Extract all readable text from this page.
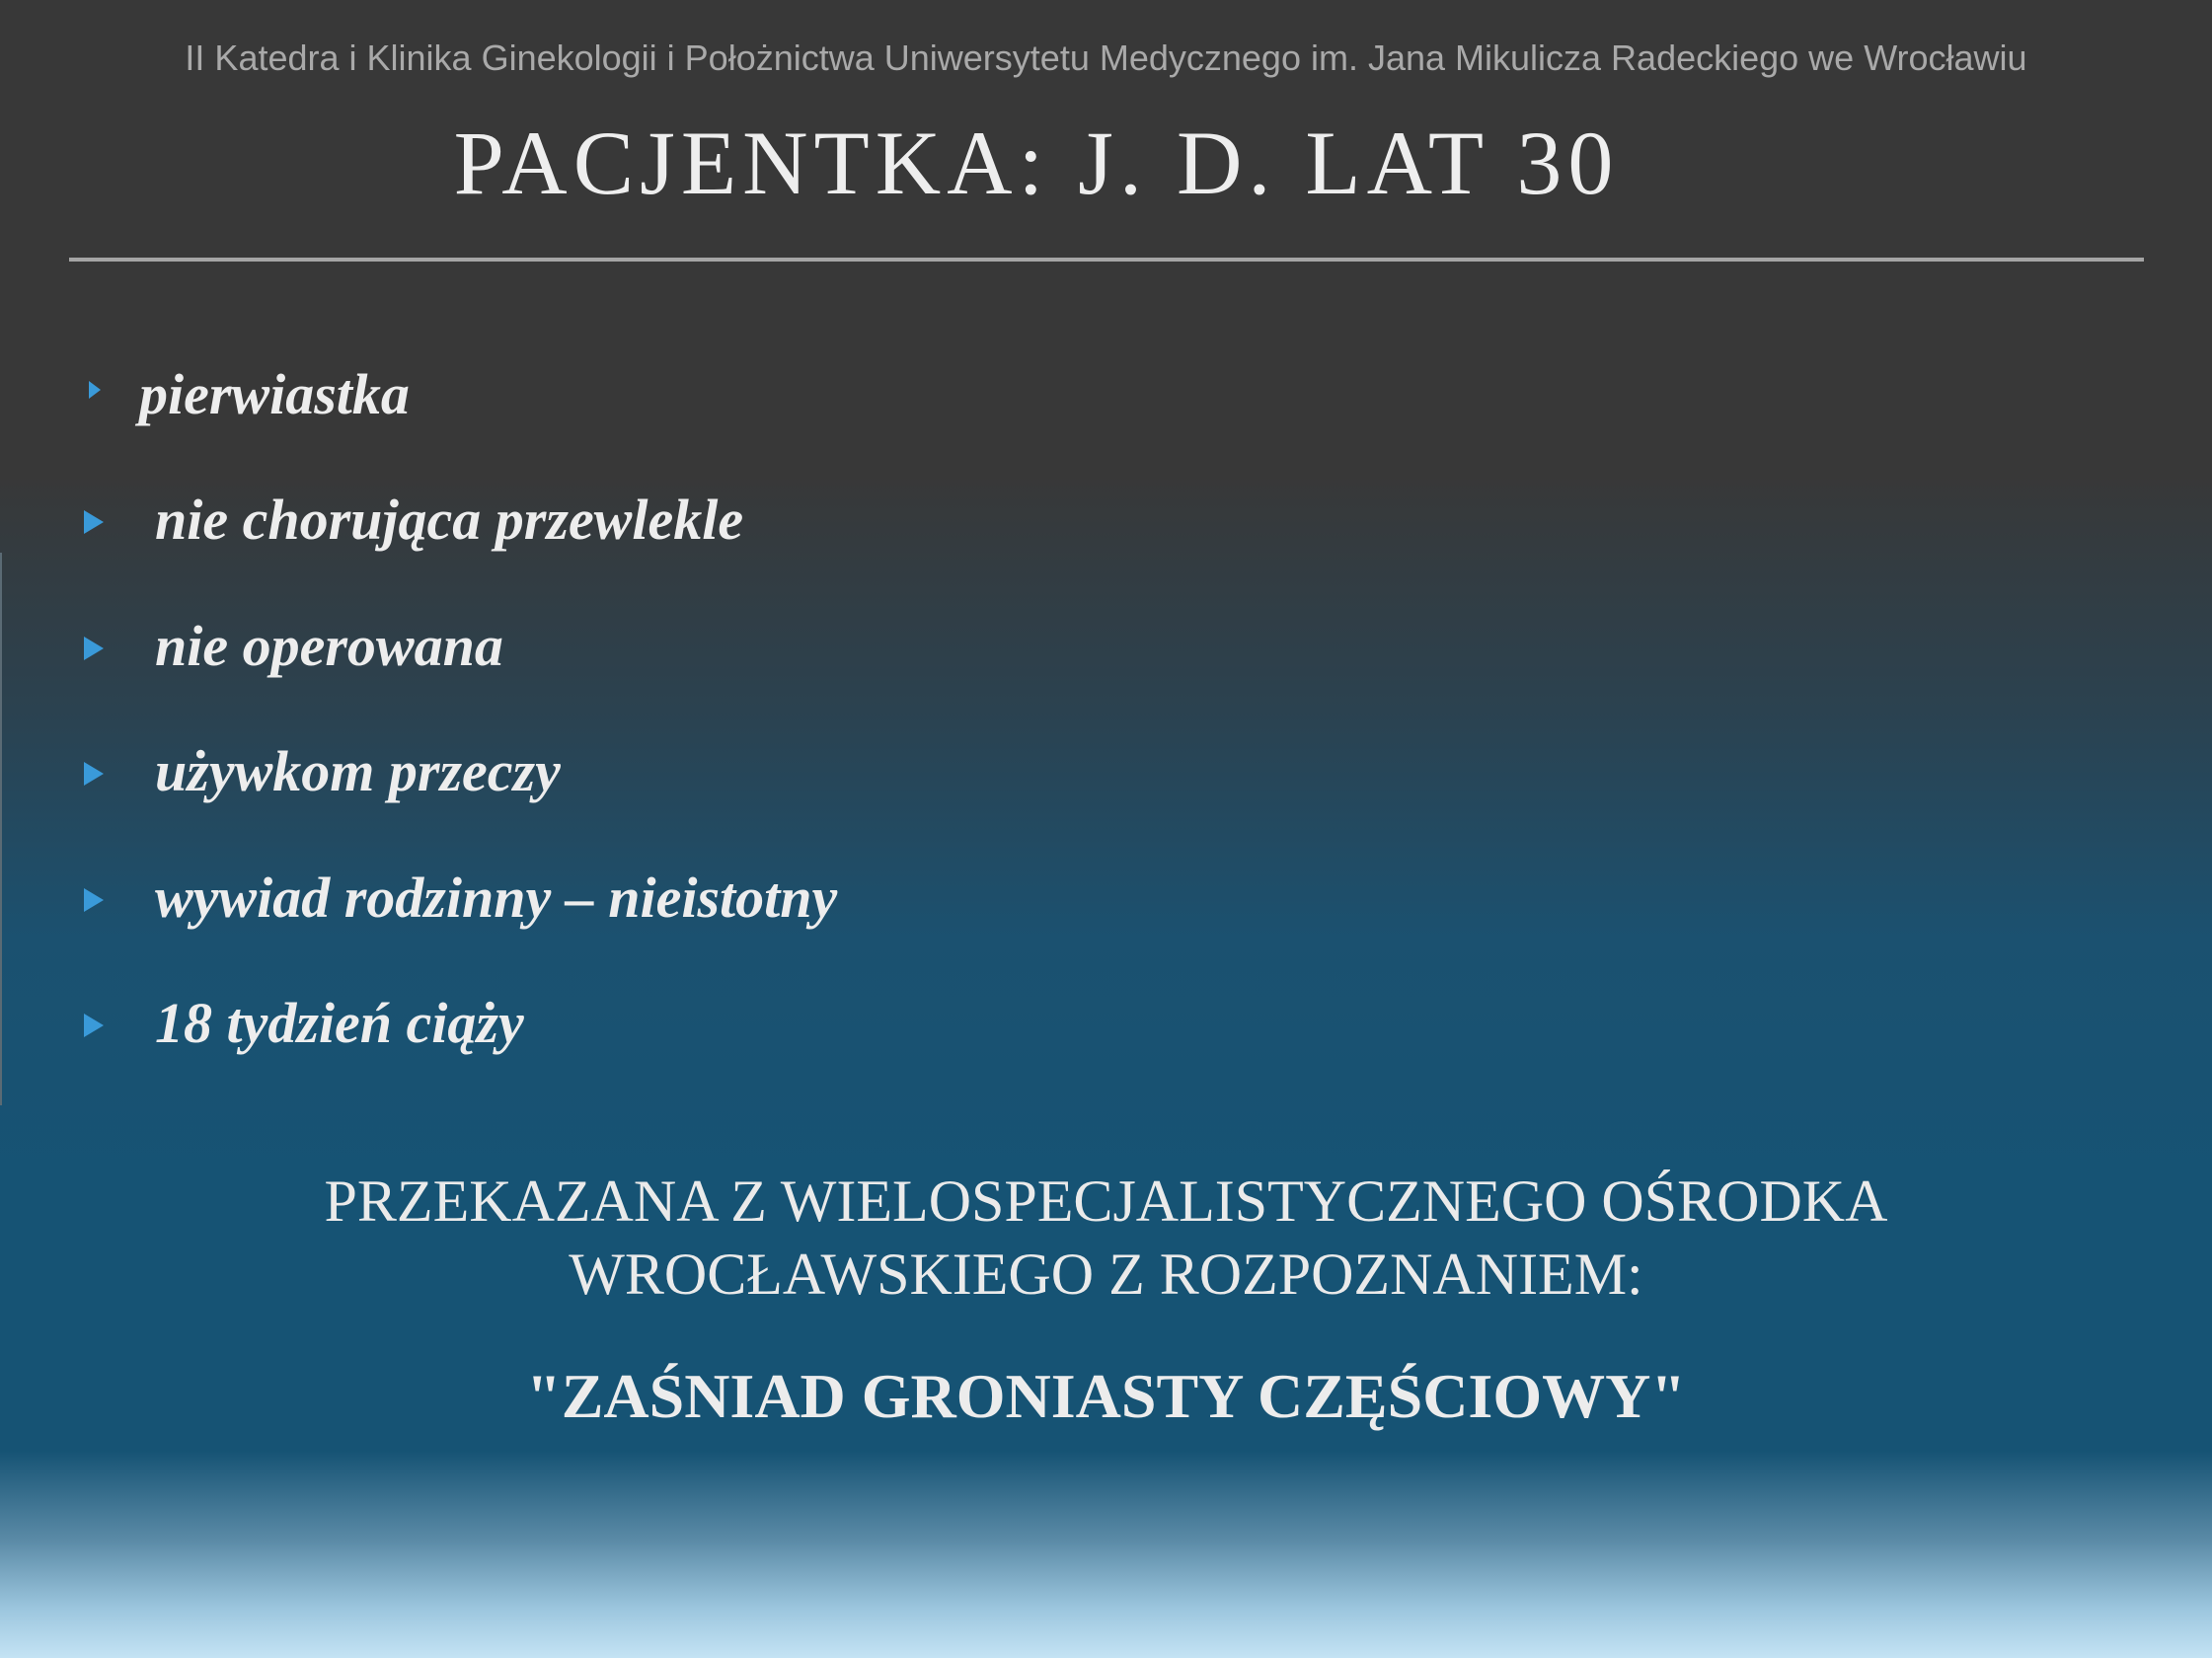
II Katedra i Klinika Ginekologii i Położnictwa Uniwersytetu Medycznego im. Jana Mikulicza Radeckiego we Wrocławiu
PACJENTKA: J. D. LAT 30
pierwiastka
nie chorująca przewlekle
nie operowana
używkom przeczy
wywiad rodzinny – nieistotny
18 tydzień ciąży
PRZEKAZANA Z WIELOSPECJALISTYCZNEGO OŚRODKA
WROCŁAWSKIEGO Z ROZPOZNANIEM:
"ZAŚNIAD GRONIASTY CZĘŚCIOWY"
